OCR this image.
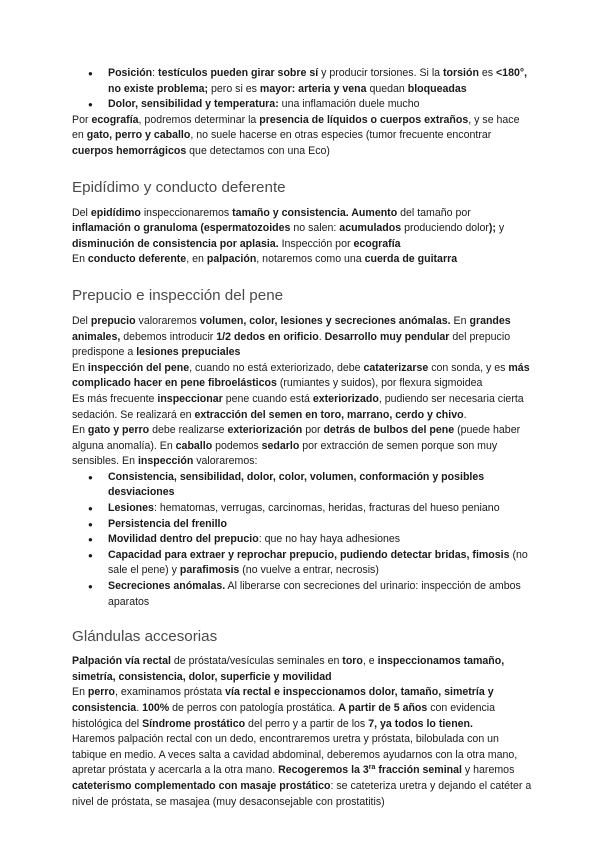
● Posición: testículos pueden girar sobre sí y producir torsiones. Si la torsión es <180°, no existe problema; pero si es mayor: arteria y vena quedan bloqueadas
● Dolor, sensibilidad y temperatura: una inflamación duele mucho

Por ecografía, podremos determinar la presencia de líquidos o cuerpos extraños, y se hace en gato, perro y caballo, no suele hacerse en otras especies (tumor frecuente encontrar cuerpos hemorrágicos que detectamos con una Eco)

Epidídimo y conducto deferente

Del epidídimo inspeccionaremos tamaño y consistencia. Aumento del tamaño por inflamación o granuloma (espermatozoides no salen: acumulados produciendo dolor); y disminución de consistencia por aplasia. Inspección por ecografía

En conducto deferente, en palpación, notaremos como una cuerda de guitarra

Prepucio e inspección del pene

Del prepucio valoraremos volumen, color, lesiones y secreciones anómalas. En grandes animales, debemos introducir 1/2 dedos en orificio. Desarrollo muy pendular del prepucio predispone a lesiones prepuciales

En inspección del pene, cuando no está exteriorizado, debe cataterizarse con sonda, y es más complicado hacer en pene fibroelásticos (rumiantes y suidos), por flexura sigmoidea

Es más frecuente inspeccionar pene cuando está exteriorizado, pudiendo ser necesaria cierta sedación. Se realizará en extracción del semen en toro, marrano, cerdo y chivo.

En gato y perro debe realizarse exteriorización por detrás de bulbos del pene (puede haber alguna anomalía). En caballo podemos sedarlo por extracción de semen porque son muy sensibles. En inspección valoraremos:

● Consistencia, sensibilidad, dolor, color, volumen, conformación y posibles desviaciones
● Lesiones: hematomas, verrugas, carcinomas, heridas, fracturas del hueso peniano
● Persistencia del frenillo
● Movilidad dentro del prepucio: que no hay haya adhesiones
● Capacidad para extraer y reprochar prepucio, pudiendo detectar bridas, fimosis (no sale el pene) y parafimosis (no vuelve a entrar, necrosis)
● Secreciones anómalas. Al liberarse con secreciones del urinario: inspección de ambos aparatos
Glándulas accesorias

Palpación vía rectal de próstata/vesículas seminales en toro, e inspeccionamos tamaño, simetría, consistencia, dolor, superficie y movilidad

En perro, examinamos próstata vía rectal e inspeccionamos dolor, tamaño, simetría y consistencia. 100% de perros con patología prostática. A partir de 5 años con evidencia histológica del Síndrome prostático del perro y a partir de los 7, ya todos lo tienen.

Haremos palpación rectal con un dedo, encontraremos uretra y próstata, bilobulada con un tabique en medio. A veces salta a cavidad abdominal, deberemos ayudarnos con la otra mano, apretar próstata y acercarla a la otra mano. Recogeremos la $3^{ra}$ fracción seminal y haremos cateterismo complementado con masaje prostático: se cateteriza uretra y dejando el catéter a nivel de próstata, se masajea (muy desaconsejable con prostatitis)
